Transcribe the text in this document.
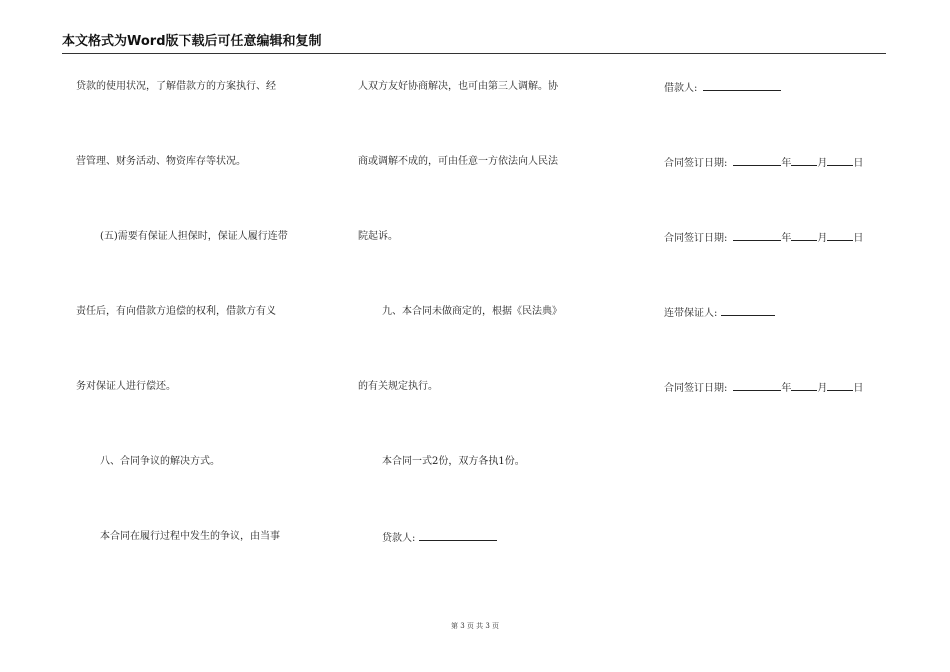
本文格式为Word版下载后可任意编辑和复制
贷款的使用状况，了解借款方的方案执行、经
营管理、财务活动、物资库存等状况。
(五)需要有保证人担保时，保证人履行连带
责任后，有向借款方追偿的权利，借款方有义
务对保证人进行偿还。
八、合同争议的解决方式。
本合同在履行过程中发生的争议，由当事
人双方友好协商解决，也可由第三人调解。协
商或调解不成的，可由任意一方依法向人民法
院起诉。
九、本合同未做商定的，根据《民法典》
的有关规定执行。
本合同一式2份，双方各执1份。
贷款人:
借款人:
合同签订日期:	年	月	日
合同签订日期:	年	月	日
连带保证人:
合同签订日期:	年	月	日
第 3 页 共 3 页
